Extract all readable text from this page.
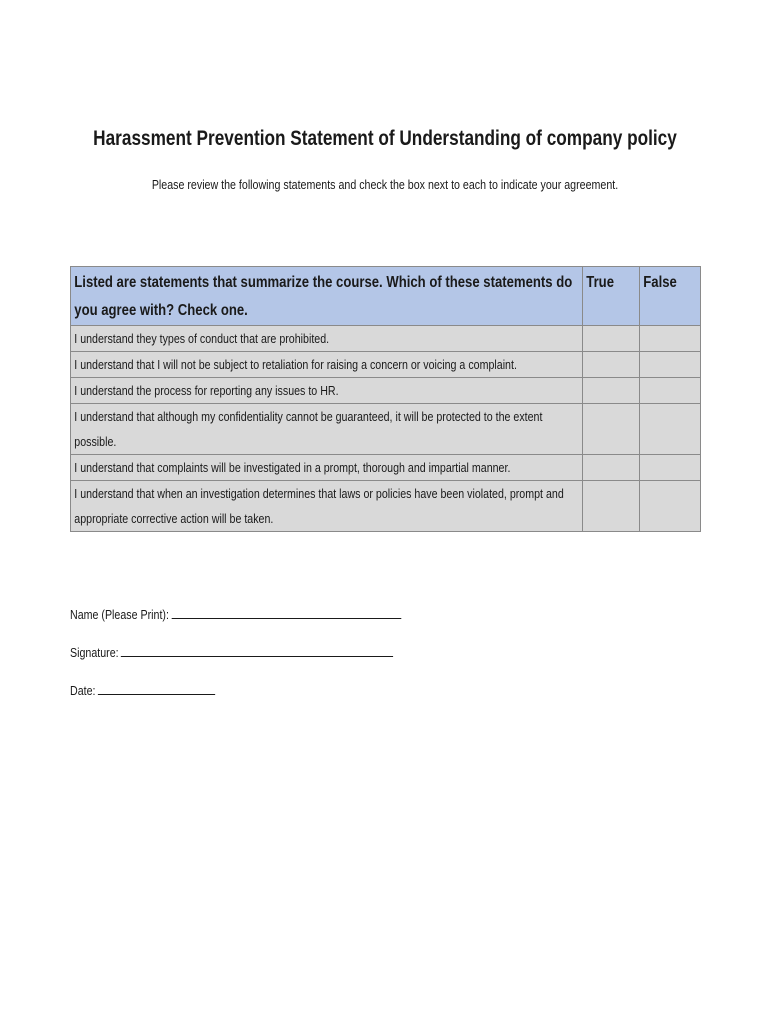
Harassment Prevention Statement of Understanding of company policy

Please review the following statements and check the box next to each to indicate your agreement.

Listed are statements that summarize the course. Which of these statements do you agree with? Check one.	True	False

I understand they types of conduct that are prohibited.		

I understand that I will not be subject to retaliation for raising a concern or voicing a complaint.		

I understand the process for reporting any issues to HR.		

I understand that although my confidentiality cannot be guaranteed, it will be protected to the extent possible.		

I understand that complaints will be investigated in a prompt, thorough and impartial manner.		

I understand that when an investigation determines that laws or policies have been violated, prompt and appropriate corrective action will be taken.		

Name (Please Print):
Signature:
Date:
